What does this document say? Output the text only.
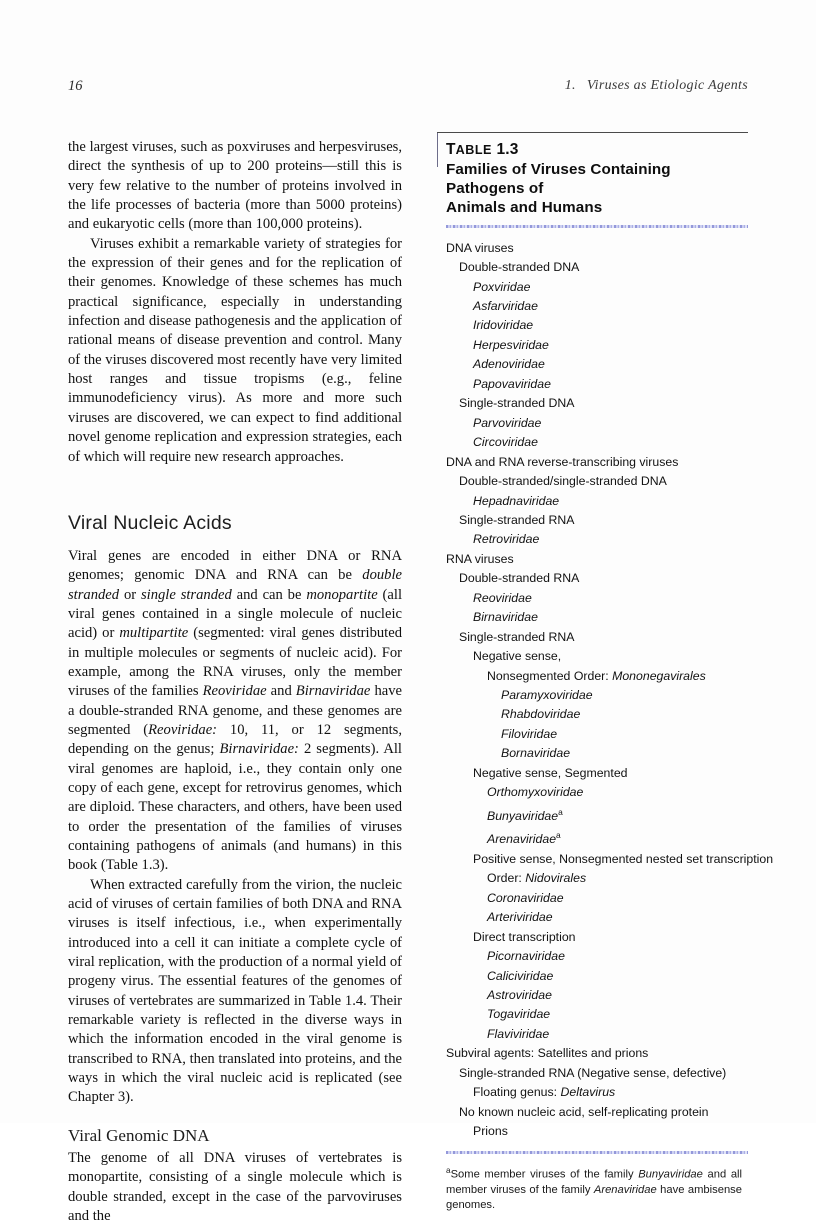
16	1. Viruses as Etiologic Agents

the largest viruses, such as poxviruses and herpesviruses, direct the synthesis of up to 200 proteins—still this is very few relative to the number of proteins involved in the life processes of bacteria (more than 5000 proteins) and eukaryotic cells (more than 100,000 proteins).

Viruses exhibit a remarkable variety of strategies for the expression of their genes and for the replication of their genomes. Knowledge of these schemes has much practical significance, especially in understanding infection and disease pathogenesis and the application of rational means of disease prevention and control. Many of the viruses discovered most recently have very limited host ranges and tissue tropisms (e.g., feline immunodeficiency virus). As more and more such viruses are discovered, we can expect to find additional novel genome replication and expression strategies, each of which will require new research approaches.

Viral Nucleic Acids

Viral genes are encoded in either DNA or RNA genomes; genomic DNA and RNA can be double stranded or single stranded and can be monopartite (all viral genes contained in a single molecule of nucleic acid) or multipartite (segmented: viral genes distributed in multiple molecules or segments of nucleic acid). For example, among the RNA viruses, only the member viruses of the families Reoviridae and Birnaviridae have a double-stranded RNA genome, and these genomes are segmented (Reoviridae: 10, 11, or 12 segments, depending on the genus; Birnaviridae: 2 segments). All viral genomes are haploid, i.e., they contain only one copy of each gene, except for retrovirus genomes, which are diploid. These characters, and others, have been used to order the presentation of the families of viruses containing pathogens of animals (and humans) in this book (Table 1.3).

When extracted carefully from the virion, the nucleic acid of viruses of certain families of both DNA and RNA viruses is itself infectious, i.e., when experimentally introduced into a cell it can initiate a complete cycle of viral replication, with the production of a normal yield of progeny virus. The essential features of the genomes of viruses of vertebrates are summarized in Table 1.4. Their remarkable variety is reflected in the diverse ways in which the information encoded in the viral genome is transcribed to RNA, then translated into proteins, and the ways in which the viral nucleic acid is replicated (see Chapter 3).

Viral Genomic DNA

The genome of all DNA viruses of vertebrates is monopartite, consisting of a single molecule which is double stranded, except in the case of the parvoviruses and the

TABLE 1.3
Families of Viruses Containing Pathogens of
Animals and Humans
DNA viruses
Double-stranded DNA
Poxviridae
Asfarviridae
Iridoviridae
Herpesviridae
Adenoviridae
Papovaviridae
Single-stranded DNA
Parvoviridae
Circoviridae
DNA and RNA reverse-transcribing viruses
Double-stranded/single-stranded DNA
Hepadnaviridae
Single-stranded RNA
Retroviridae
RNA viruses
Double-stranded RNA
Reoviridae
Birnaviridae
Single-stranded RNA
Negative sense,
Nonsegmented Order: Mononegavirales
Paramyxoviridae
Rhabdoviridae
Filoviridae
Bornaviridae
Negative sense, Segmented
Orthomyxoviridae
Bunyaviridae$^a$
Arenaviridae$^a$
Positive sense, Nonsegmented nested set transcription
Order: Nidovirales
Coronaviridae
Arteriviridae
Direct transcription
Picornaviridae
Caliciviridae
Astroviridae
Togaviridae
Flaviviridae
Subviral agents: Satellites and prions
Single-stranded RNA (Negative sense, defective)
Floating genus: Deltavirus
No known nucleic acid, self-replicating protein
Prions
$^a$Some member viruses of the family Bunyaviridae and all member viruses of the family Arenaviridae have ambisense genomes.
